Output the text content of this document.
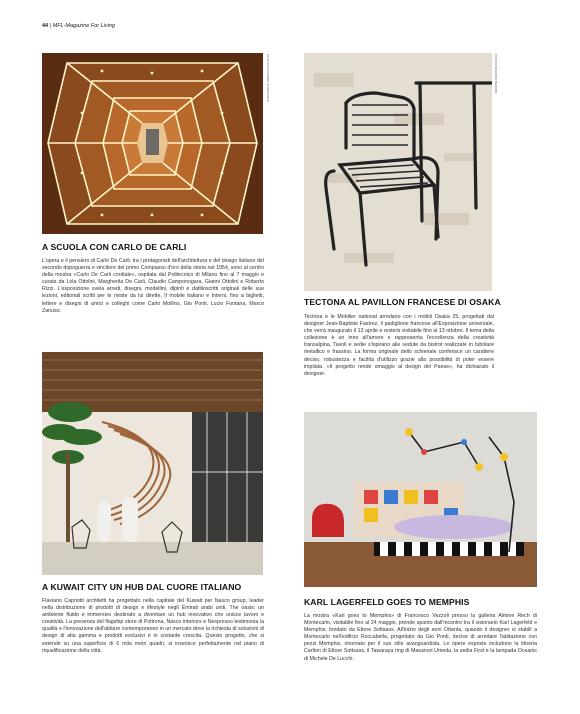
44 | MFL-Magazine For Living
PHOTO GIOVANNI CARNASCA	PHOTO MARION BERRIN
A SCUOLA CON CARLO DE CARLI

L'opera e il pensiero di Carlo De Carli, tra i protagonisti dell'architettura e del design italiano del secondo dopoguerra e vincitore del primo Compasso d'oro della storia nel 1954, sono al centro della mostra «Carlo De Carli cordiale», ospitata dal Politecnico di Milano fino al 7 maggio e curata da Lola Ottolini, Margherita De Carli, Claudio Camponogara, Gianni Ottolini e Roberto Rizzi. L'esposizione svela arredi, disegni, modellini, dipinti e dattiloscritti originali delle sue lezioni, editoriali scritti per le riviste da lui dirette, Il mobile italiano e Interni, fino a biglietti, lettere e disegni di amici e colleghi come Carlo Mollino, Gio Ponti, Lucio Fontana, Marco Zanuso.

TECTONA AL PAVILLON FRANCESE DI OSAKA

Tectona e le Mobilier national arredano con i mobili Osaka 25, progettati dal designer Jean-Baptiste Fastrez, il padiglione francese all'Esposizione universale, che verrà inaugurato il 13 aprile e resterà visitabile fino al 13 ottobre. Il tema della collezione è un inno all'amore e rappresenta l'eccellenza della creatività transalpina. Tavoli e sedie s'ispirano alle sedute da bistrot realizzate in tubolare metallico e frassino. La forma originale dello schienale conferisce un carattere deciso, robustezza e facilità d'utilizzo grazie alla possibilità di poter essere impilata. «Il progetto rende omaggio al design del Paese», ha dichiarato il designer.

A KUWAIT CITY UN HUB DAL CUORE ITALIANO

Flaviano Capriotti architetti ha progettato nella capitale del Kuwait per Nasco group, leader nella distribuzione di prodotti di design e lifestyle negli Emirati arabi uniti, The oasis: un ambiente fluido e immersivo destinato a diventare un hub innovativo che unisce lavoro e creatività. La presenza del flagship store di Poltrona, Nasco interiors e Nespresso testimonia la qualità e l'innovazione dell'abitare contemporaneo in un mercato dove la richiesta di soluzioni di design di alta gamma e prodotti esclusivi è in costante crescita. Questo progetto, che si estende su una superficie di 6 mila metri quadri, si inserisce perfettamente nel piano di riqualificazione della città.

KARL LAGERFELD GOES TO MEMPHIS

La mostra «Karl goes to Memphis» di Francesco Vezzoli presso la galleria Almine Rech di Montecarlo, visitabile fino al 24 maggio, prende spunto dall'incontro tra il visionario Karl Lagerfeld e Memphis, fondato da Ettore Sottsass. All'inizio degli anni Ottanta, quando il designer si stabilì a Montecarlo nell'edificio Roccabella, progettato da Gio Ponti, decise di arredare l'abitazione con pezzi Memphis, rinomato per il suo stile avanguardista. Le opere esposte includono la libreria Carlton di Ettore Sottsass, il Tawaraya ring di Masanori Umeda, la sedia First e la lampada Oceanic di Michele De Lucchi.
